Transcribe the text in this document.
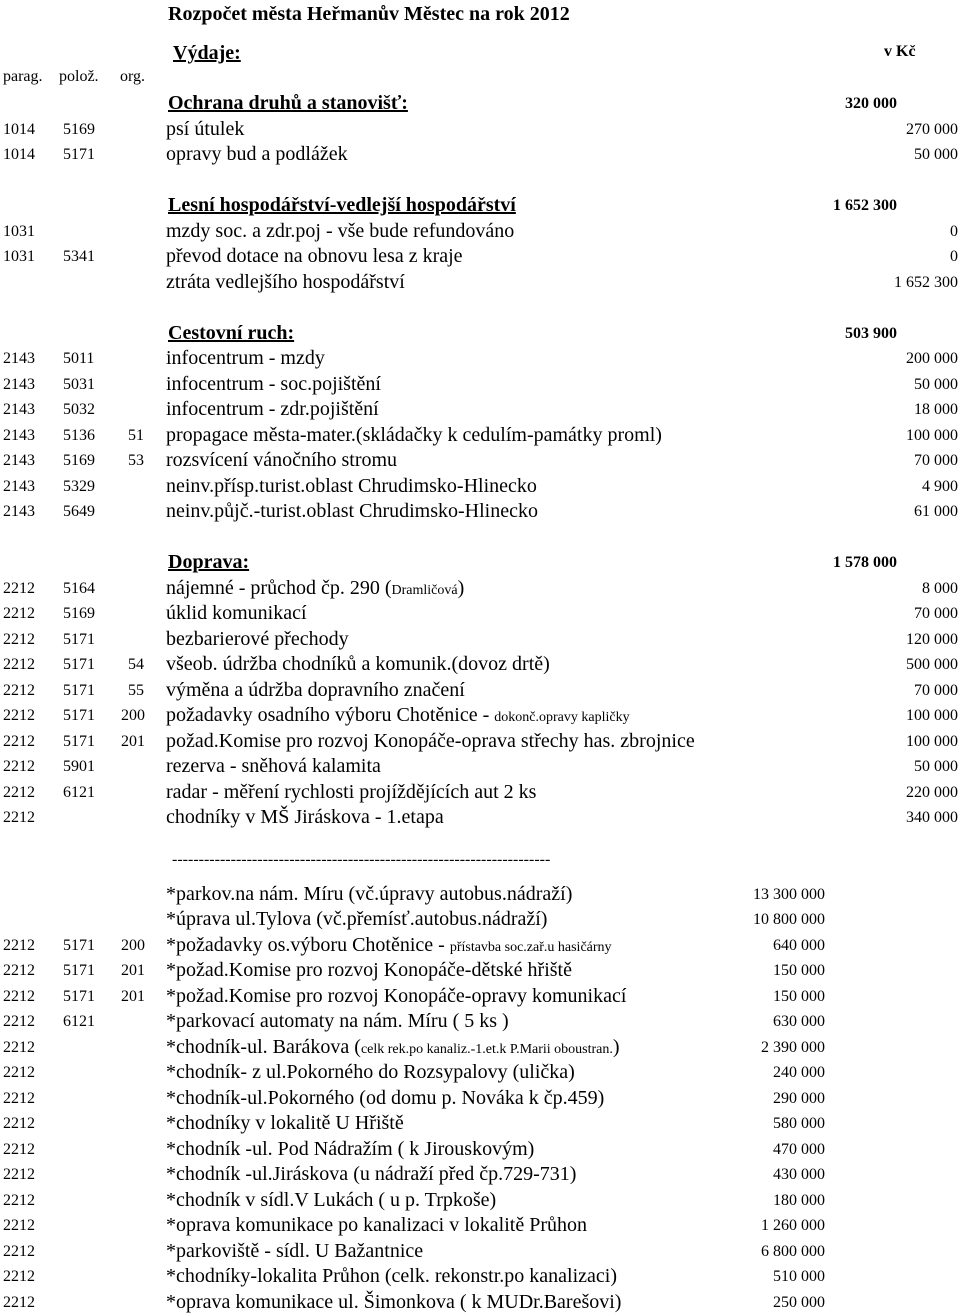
Rozpočet města Heřmanův Městec na rok 2012
Výdaje:	v Kč
parag. polož. org.
Ochrana druhů a stanovišť:	320 000
1014 5169	psí útulek	270 000
1014 5171	opravy bud a podlážek	50 000
Lesní hospodářství-vedlejší hospodářství	1 652 300
1031	mzdy soc. a zdr.poj - vše bude refundováno	0
1031 5341	převod dotace na obnovu lesa z kraje	0
ztráta vedlejšího hospodářství	1 652 300
Cestovní ruch:	503 900
2143 5011	infocentrum - mzdy	200 000
2143 5031	infocentrum - soc.pojištění	50 000
2143 5032	infocentrum - zdr.pojištění	18 000
2143 5136 51 propagace města-mater.(skládačky k cedulím-památky proml)	100 000
2143 5169 53 rozsvícení vánočního stromu	70 000
2143 5329	neinv.přísp.turist.oblast Chrudimsko-Hlinecko	4 900
2143 5649	neinv.půjč.-turist.oblast Chrudimsko-Hlinecko	61 000
Doprava:	1 578 000
2212 5164	nájemné - průchod čp. 290 (Dramličová)	8 000
2212 5169	úklid komunikací	70 000
2212 5171	bezbarierové přechody	120 000
2212 5171 54 všeob. údržba chodníků a komunik.(dovoz drtě)	500 000
2212 5171 55 výměna a údržba dopravního značení	70 000
2212 5171 200 požadavky osadního výboru Chotěnice - dokonč.opravy kapličky	100 000
2212 5171 201 požad.Komise pro rozvoj Konopáče-oprava střechy has. zbrojnice	100 000
2212 5901	rezerva - sněhová kalamita	50 000
2212 6121	radar - měření rychlosti projíždějících aut 2 ks	220 000
2212	chodníky v MŠ Jiráskova - 1.etapa	340 000
-----------------------------------------------------------------------
*parkov.na nám. Míru (vč.úpravy autobus.nádraží)	13 300 000
*úprava ul.Tylova (vč.přemísť.autobus.nádraží)	10 800 000
2212 5171 200 *požadavky os.výboru Chotěnice - přístavba soc.zař.u hasičárny	640 000
2212 5171 201 *požad.Komise pro rozvoj Konopáče-dětské hřiště	150 000
2212 5171 201 *požad.Komise pro rozvoj Konopáče-opravy komunikací	150 000
2212 6121	*parkovací automaty na nám. Míru ( 5 ks )	630 000
2212	*chodník-ul. Barákova (celk rek.po kanaliz.-1.et.k P.Marii oboustran.)	2 390 000
2212	*chodník- z ul.Pokorného do Rozsypalovy (ulička)	240 000
2212	*chodník-ul.Pokorného (od domu p. Nováka k čp.459)	290 000
2212	*chodníky v lokalitě U Hřiště	580 000
2212	*chodník -ul. Pod Nádražím ( k Jirouskovým)	470 000
2212	*chodník -ul.Jiráskova (u nádraží před čp.729-731)	430 000
2212	*chodník v sídl.V Lukách ( u p. Trpkoše)	180 000
2212	*oprava komunikace po kanalizaci v lokalitě Průhon	1 260 000
2212	*parkoviště - sídl. U Bažantnice	6 800 000
2212	*chodníky-lokalita Průhon (celk. rekonstr.po kanalizaci)	510 000
2212	*oprava komunikace ul. Šimonkova ( k MUDr.Barešovi)	250 000
